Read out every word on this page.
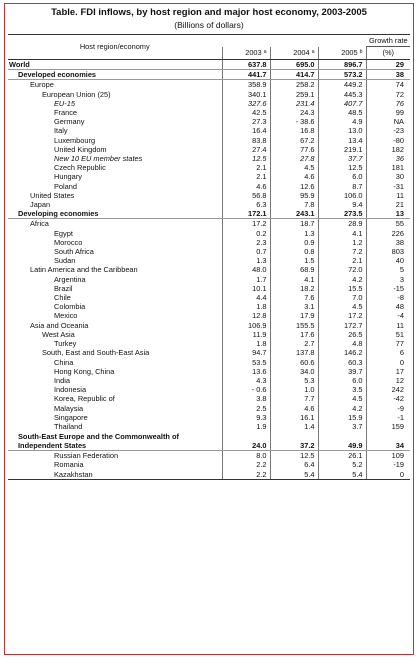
Table. FDI inflows, by host region and major host economy, 2003-2005
(Billions of dollars)
Host region/economy				Growth rate
	2003 $^a$	2004 $^a$	2005 $^b$	(%)
World	637.8	695.0	896.7	29
Developed economies	441.7	414.7	573.2	38
Europe	358.9	258.2	449.2	74
European Union (25)	340.1	259.1	445.3	72
EU-15	327.6	231.4	407.7	76
France	42.5	24.3	48.5	99
Germany	27.3	- 38.6	4.9	NA
Italy	16.4	16.8	13.0	-23
Luxembourg	83.8	67.2	13.4	-80
United Kingdom	27.4	77.6	219.1	182
New 10 EU member states	12.5	27.8	37.7	36
Czech Republic	2.1	4.5	12.5	181
Hungary	2.1	4.6	6.0	30
Poland	4.6	12.6	8.7	-31
United States	56.8	95.9	106.0	11
Japan	6.3	7.8	9.4	21
Developing economies	172.1	243.1	273.5	13
Africa	17.2	18.7	28.9	55
Egypt	0.2	1.3	4.1	226
Morocco	2.3	0.9	1.2	38
South Africa	0.7	0.8	7.2	803
Sudan	1.3	1.5	2.1	40
Latin America and the Caribbean	48.0	68.9	72.0	5
Argentina	1.7	4.1	4.2	3
Brazil	10.1	18.2	15.5	-15
Chile	4.4	7.6	7.0	-8
Colombia	1.8	3.1	4.5	48
Mexico	12.8	17.9	17.2	-4
Asia and Oceania	106.9	155.5	172.7	11
West Asia	11.9	17.6	26.5	51
Turkey	1.8	2.7	4.8	77
South, East and South-East Asia	94.7	137.8	146.2	6
China	53.5	60.6	60.3	0
Hong Kong, China	13.6	34.0	39.7	17
India	4.3	5.3	6.0	12
Indonesia	- 0.6	1.0	3.5	242
Korea, Republic of	3.8	7.7	4.5	-42
Malaysia	2.5	4.6	4.2	-9
Singapore	9.3	16.1	15.9	-1
Thailand	1.9	1.4	3.7	159
South-East Europe and the Commonwealth of Independent States	24.0	37.2	49.9	34
Russian Federation	8.0	12.5	26.1	109
Romania	2.2	6.4	5.2	-19
Kazakhstan	2.2	5.4	5.4	0
